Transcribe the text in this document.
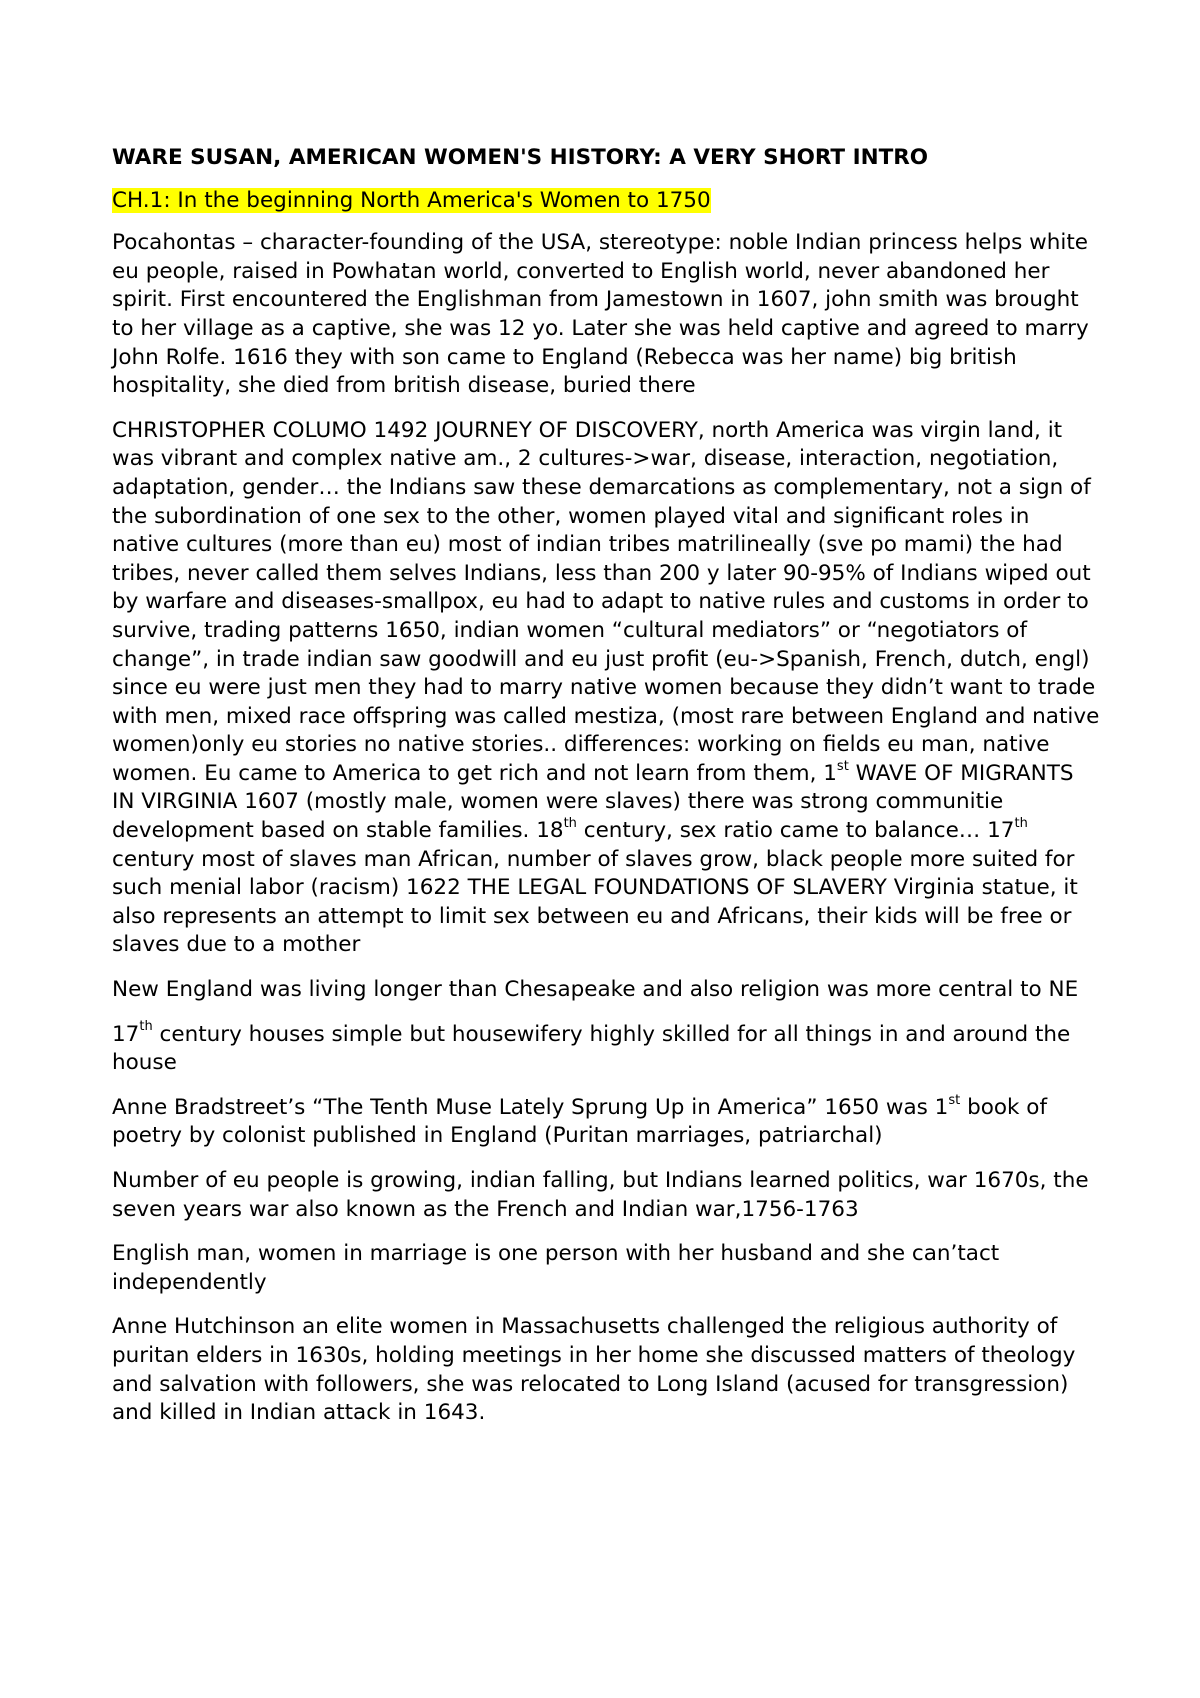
WARE SUSAN, AMERICAN WOMEN'S HISTORY: A VERY SHORT INTRO
CH.1: In the beginning North America's Women to 1750

Pocahontas – character-founding of the USA, stereotype: noble Indian princess helps white eu people, raised in Powhatan world, converted to English world, never abandoned her spirit. First encountered the Englishman from Jamestown in 1607, john smith was brought to her village as a captive, she was 12 yo. Later she was held captive and agreed to marry John Rolfe. 1616 they with son came to England (Rebecca was her name) big british hospitality, she died from british disease, buried there

CHRISTOPHER COLUMO 1492 JOURNEY OF DISCOVERY, north America was virgin land, it was vibrant and complex native am., 2 cultures->war, disease, interaction, negotiation, adaptation, gender… the Indians saw these demarcations as complementary, not a sign of the subordination of one sex to the other, women played vital and significant roles in native cultures (more than eu) most of indian tribes matrilineally (sve po mami) the had tribes, never called them selves Indians, less than 200 y later 90-95% of Indians wiped out by warfare and diseases-smallpox, eu had to adapt to native rules and customs in order to survive, trading patterns 1650, indian women “cultural mediators” or “negotiators of change”, in trade indian saw goodwill and eu just profit (eu->Spanish, French, dutch, engl) since eu were just men they had to marry native women because they didn’t want to trade with men, mixed race offspring was called mestiza, (most rare between England and native women)only eu stories no native stories.. differences: working on fields eu man, native women. Eu came to America to get rich and not learn from them, 1st WAVE OF MIGRANTS IN VIRGINIA 1607 (mostly male, women were slaves) there was strong communitie development based on stable families. 18th century, sex ratio came to balance… 17th century most of slaves man African, number of slaves grow, black people more suited for such menial labor (racism) 1622 THE LEGAL FOUNDATIONS OF SLAVERY Virginia statue, it also represents an attempt to limit sex between eu and Africans, their kids will be free or slaves due to a mother

New England was living longer than Chesapeake and also religion was more central to NE

17th century houses simple but housewifery highly skilled for all things in and around the house

Anne Bradstreet’s “The Tenth Muse Lately Sprung Up in America” 1650 was 1st book of poetry by colonist published in England (Puritan marriages, patriarchal)

Number of eu people is growing, indian falling, but Indians learned politics, war 1670s, the seven years war also known as the French and Indian war,1756-1763

English man, women in marriage is one person with her husband and she can’tact independently

Anne Hutchinson an elite women in Massachusetts challenged the religious authority of puritan elders in 1630s, holding meetings in her home she discussed matters of theology and salvation with followers, she was relocated to Long Island (acused for transgression) and killed in Indian attack in 1643.
